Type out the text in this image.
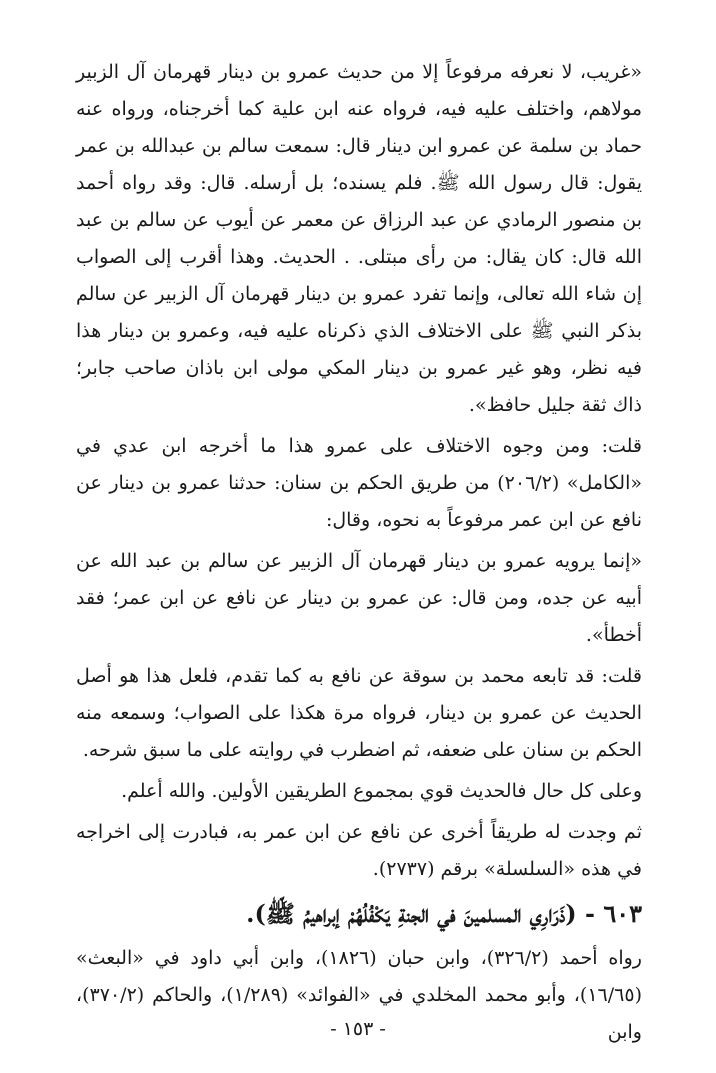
«غريب، لا نعرفه مرفوعاً إلا من حديث عمرو بن دينار قهرمان آل الزبير مولاهم، واختلف عليه فيه، فرواه عنه ابن علية كما أخرجناه، ورواه عنه حماد بن سلمة عن عمرو ابن دينار قال: سمعت سالم بن عبدالله بن عمر يقول: قال رسول الله ﷺ. فلم يسنده؛ بل أرسله. قال: وقد رواه أحمد بن منصور الرمادي عن عبد الرزاق عن معمر عن أيوب عن سالم بن عبد الله قال: كان يقال: من رأى مبتلى. . الحديث. وهذا أقرب إلى الصواب إن شاء الله تعالى، وإنما تفرد عمرو بن دينار قهرمان آل الزبير عن سالم بذكر النبي ﷺ على الاختلاف الذي ذكرناه عليه فيه، وعمرو بن دينار هذا فيه نظر، وهو غير عمرو بن دينار المكي مولى ابن باذان صاحب جابر؛ ذاك ثقة جليل حافظ».

قلت: ومن وجوه الاختلاف على عمرو هذا ما أخرجه ابن عدي في «الكامل» (٢٠٦/٢) من طريق الحكم بن سنان: حدثنا عمرو بن دينار عن نافع عن ابن عمر مرفوعاً به نحوه، وقال:

«إنما يرويه عمرو بن دينار قهرمان آل الزبير عن سالم بن عبد الله عن أبيه عن جده، ومن قال: عن عمرو بن دينار عن نافع عن ابن عمر؛ فقد أخطأ».

قلت: قد تابعه محمد بن سوقة عن نافع به كما تقدم، فلعل هذا هو أصل الحديث عن عمرو بن دينار، فرواه مرة هكذا على الصواب؛ وسمعه منه الحكم بن سنان على ضعفه، ثم اضطرب في روايته على ما سبق شرحه.

وعلى كل حال فالحديث قوي بمجموع الطريقين الأولين. والله أعلم.

ثم وجدت له طريقاً أخرى عن نافع عن ابن عمر به، فبادرت إلى اخراجه في هذه «السلسلة» برقم (٢٧٣٧).

٦٠٣ - (ذَرَارِي المسلمينَ في الجنةِ يَكْفُلُهُمْ إبراهيمُ ﷺ).

رواه أحمد (٣٢٦/٢)، وابن حبان (١٨٢٦)، وابن أبي داود في «البعث» (١٦/٦٥)، وأبو محمد المخلدي في «الفوائد» (١/٢٨٩)، والحاكم (٣٧٠/٢)، وابن

- ١٥٣ -
